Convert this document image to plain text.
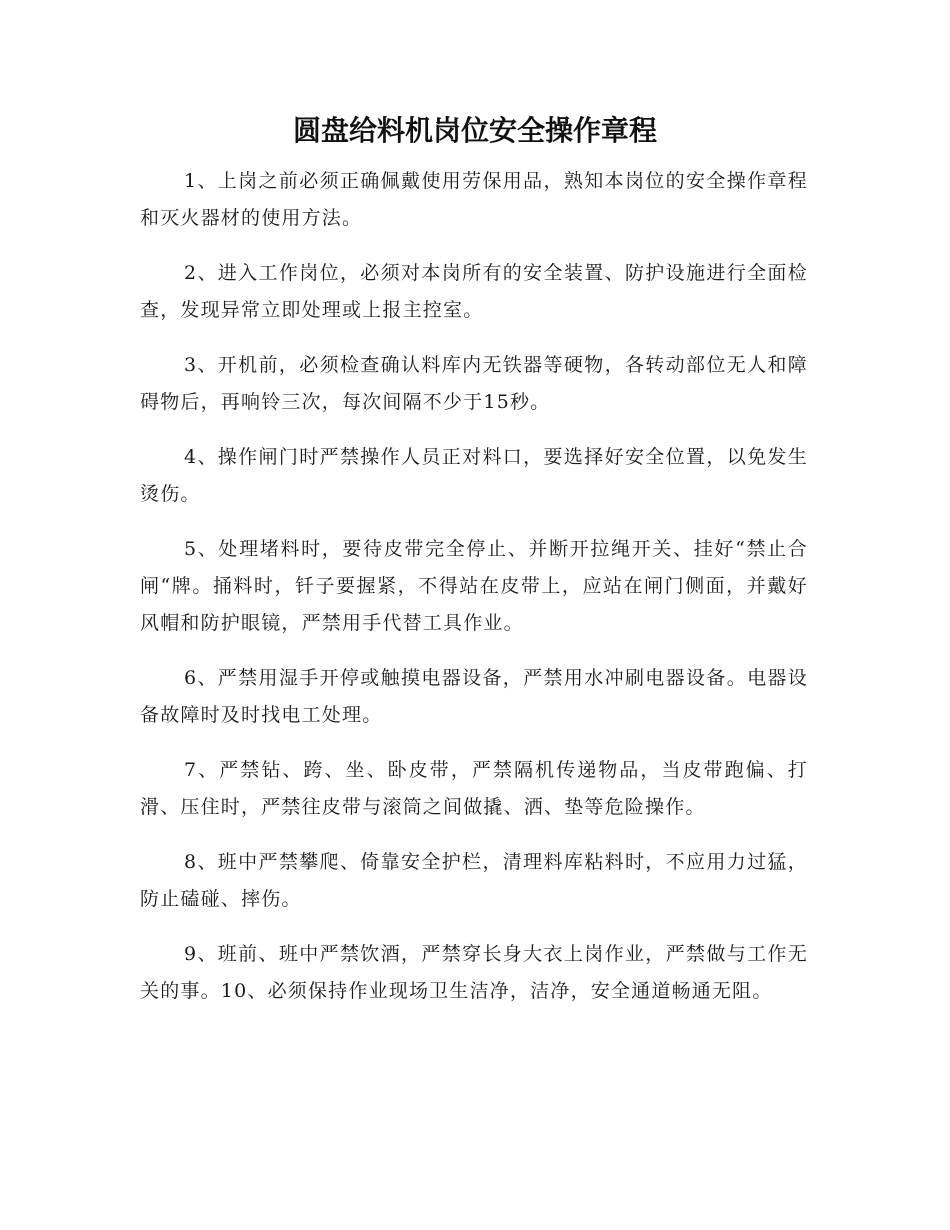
圆盘给料机岗位安全操作章程

1、上岗之前必须正确佩戴使用劳保用品，熟知本岗位的安全操作章程和灭火器材的使用方法。

2、进入工作岗位，必须对本岗所有的安全装置、防护设施进行全面检查，发现异常立即处理或上报主控室。

3、开机前，必须检查确认料库内无铁器等硬物，各转动部位无人和障碍物后，再响铃三次，每次间隔不少于15秒。

4、操作闸门时严禁操作人员正对料口，要选择好安全位置，以免发生烫伤。

5、处理堵料时，要待皮带完全停止、并断开拉绳开关、挂好“禁止合闸“牌。捅料时，钎子要握紧，不得站在皮带上，应站在闸门侧面，并戴好风帽和防护眼镜，严禁用手代替工具作业。

6、严禁用湿手开停或触摸电器设备，严禁用水冲刷电器设备。电器设备故障时及时找电工处理。

7、严禁钻、跨、坐、卧皮带，严禁隔机传递物品，当皮带跑偏、打滑、压住时，严禁往皮带与滚筒之间做撬、洒、垫等危险操作。

8、班中严禁攀爬、倚靠安全护栏，清理料库粘料时，不应用力过猛，防止磕碰、摔伤。

9、班前、班中严禁饮酒，严禁穿长身大衣上岗作业，严禁做与工作无关的事。10、必须保持作业现场卫生洁净，洁净，安全通道畅通无阻。
